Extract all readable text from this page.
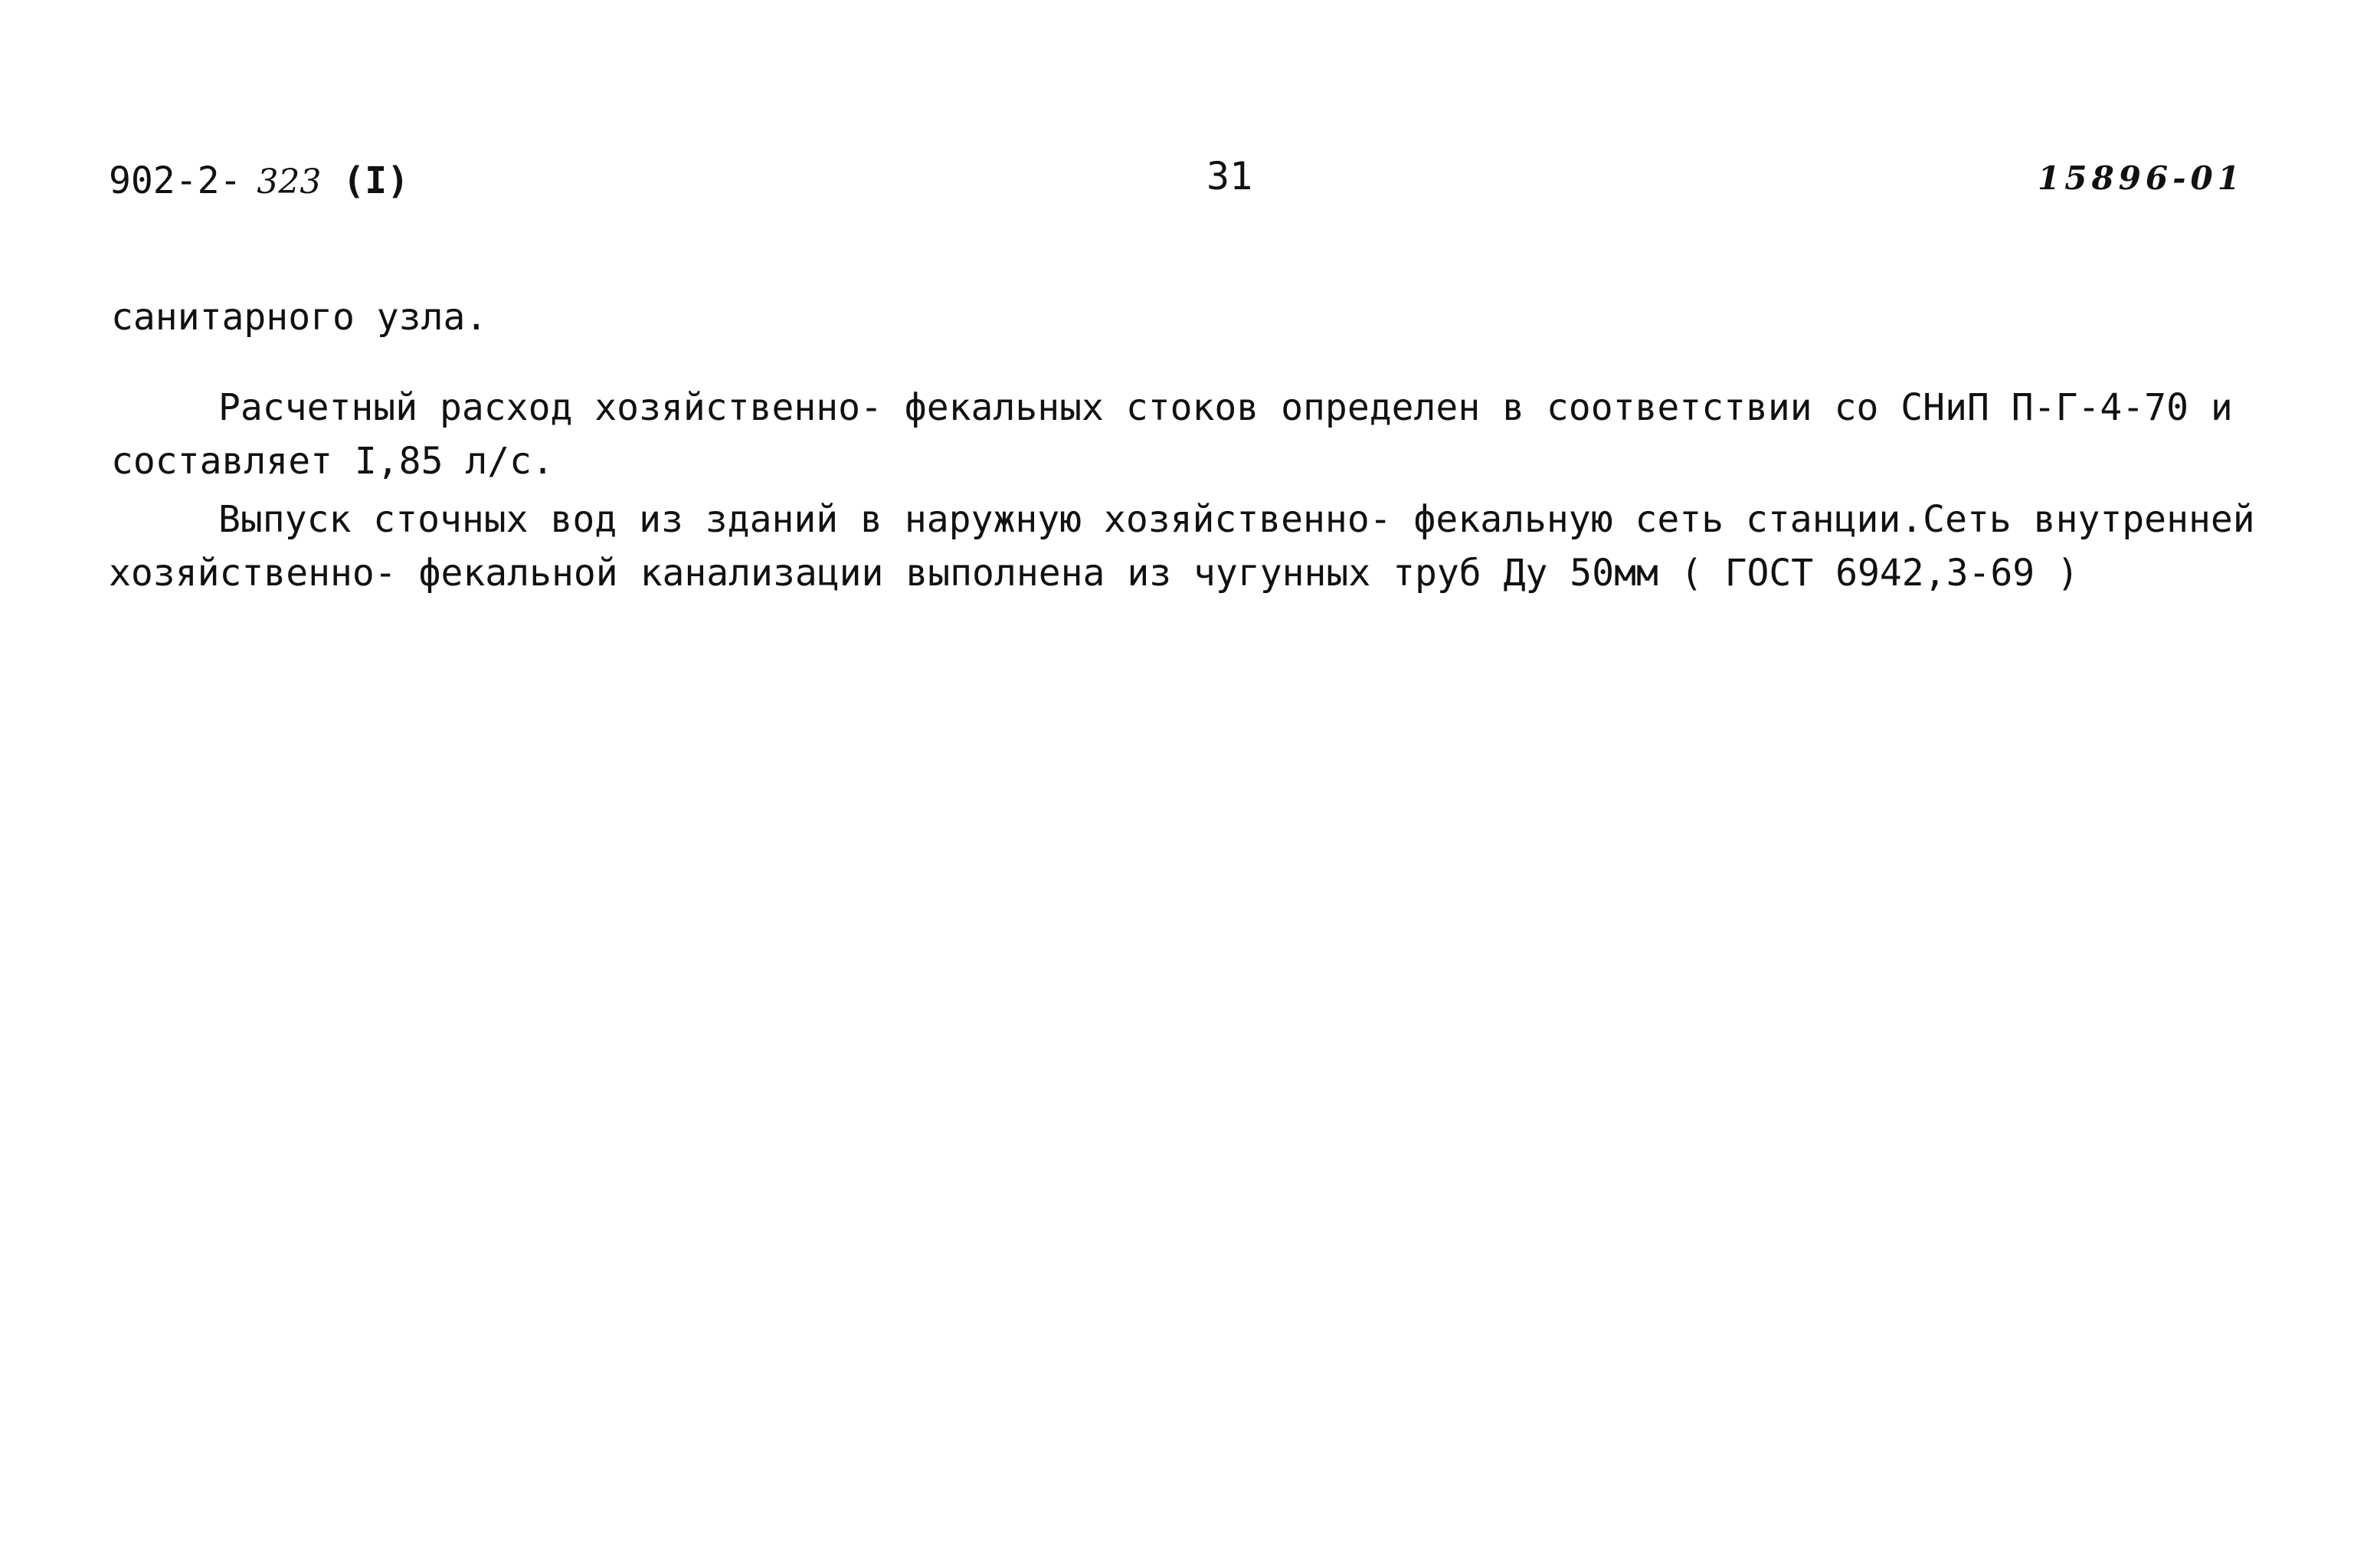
902-2- 323 (I)	31	15896-01
санитарного узла.
Расчетный расход хозяйственно- фекальных стоков определен в соответствии со СНиП П-Г-4-70 и
составляет I,85 л/с.
Выпуск сточных вод из зданий в наружную хозяйственно- фекальную сеть станции.Сеть внутренней
хозяйственно- фекальной канализации выполнена из чугунных труб Ду 50мм ( ГОСТ 6942,3-69 )
